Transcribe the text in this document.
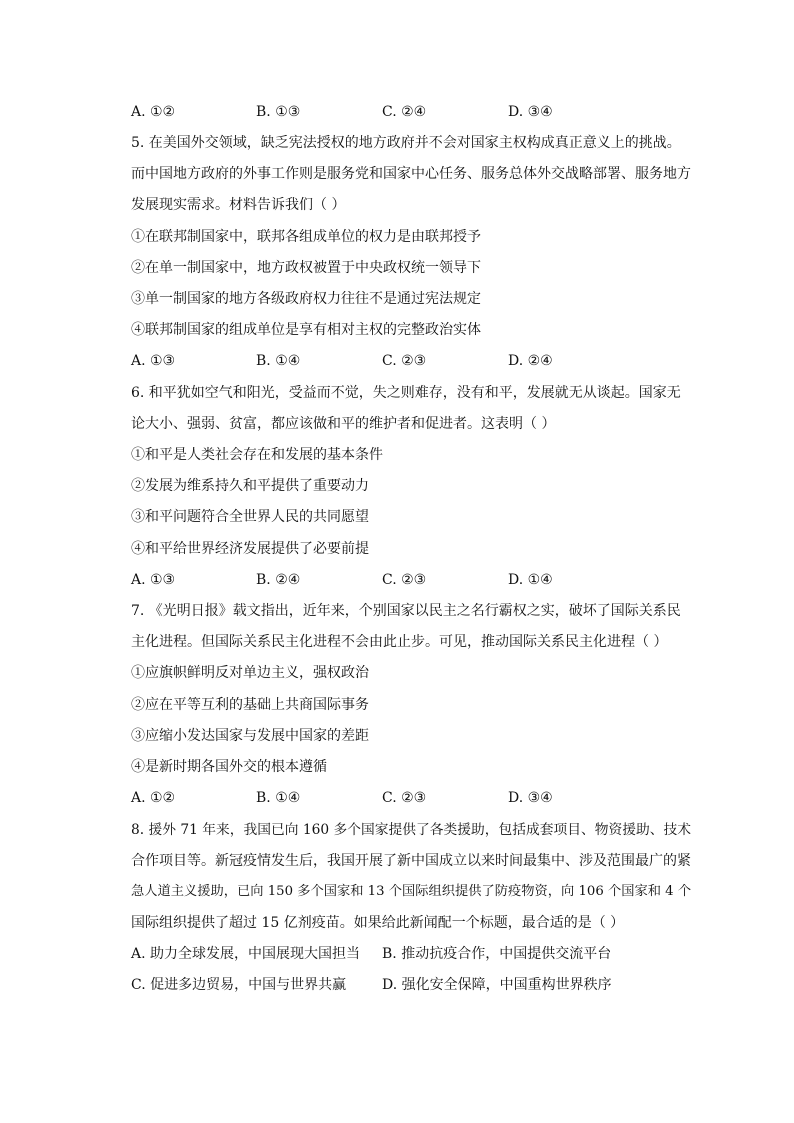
A. ①②	B. ①③	C. ②④	D. ③④
5. 在美国外交领域，缺乏宪法授权的地方政府并不会对国家主权构成真正意义上的挑战。
而中国地方政府的外事工作则是服务党和国家中心任务、服务总体外交战略部署、服务地方
发展现实需求。材料告诉我们（ ）
①在联邦制国家中，联邦各组成单位的权力是由联邦授予
②在单一制国家中，地方政权被置于中央政权统一领导下
③单一制国家的地方各级政府权力往往不是通过宪法规定
④联邦制国家的组成单位是享有相对主权的完整政治实体
A. ①③	B. ①④	C. ②③	D. ②④
6. 和平犹如空气和阳光，受益而不觉，失之则难存，没有和平，发展就无从谈起。国家无
论大小、强弱、贫富，都应该做和平的维护者和促进者。这表明（ ）
①和平是人类社会存在和发展的基本条件
②发展为维系持久和平提供了重要动力
③和平问题符合全世界人民的共同愿望
④和平给世界经济发展提供了必要前提
A. ①③	B. ②④	C. ②③	D. ①④
7. 《光明日报》载文指出，近年来，个别国家以民主之名行霸权之实，破坏了国际关系民
主化进程。但国际关系民主化进程不会由此止步。可见，推动国际关系民主化进程（ ）
①应旗帜鲜明反对单边主义，强权政治
②应在平等互利的基础上共商国际事务
③应缩小发达国家与发展中国家的差距
④是新时期各国外交的根本遵循
A. ①②	B. ①④	C. ②③	D. ③④
8. 援外 71 年来，我国已向 160 多个国家提供了各类援助，包括成套项目、物资援助、技术
合作项目等。新冠疫情发生后，我国开展了新中国成立以来时间最集中、涉及范围最广的紧
急人道主义援助，已向 150 多个国家和 13 个国际组织提供了防疫物资，向 106 个国家和 4 个
国际组织提供了超过 15 亿剂疫苗。如果给此新闻配一个标题，最合适的是（ ）
A. 助力全球发展，中国展现大国担当 B. 推动抗疫合作，中国提供交流平台
C. 促进多边贸易，中国与世界共赢	D. 强化安全保障，中国重构世界秩序
